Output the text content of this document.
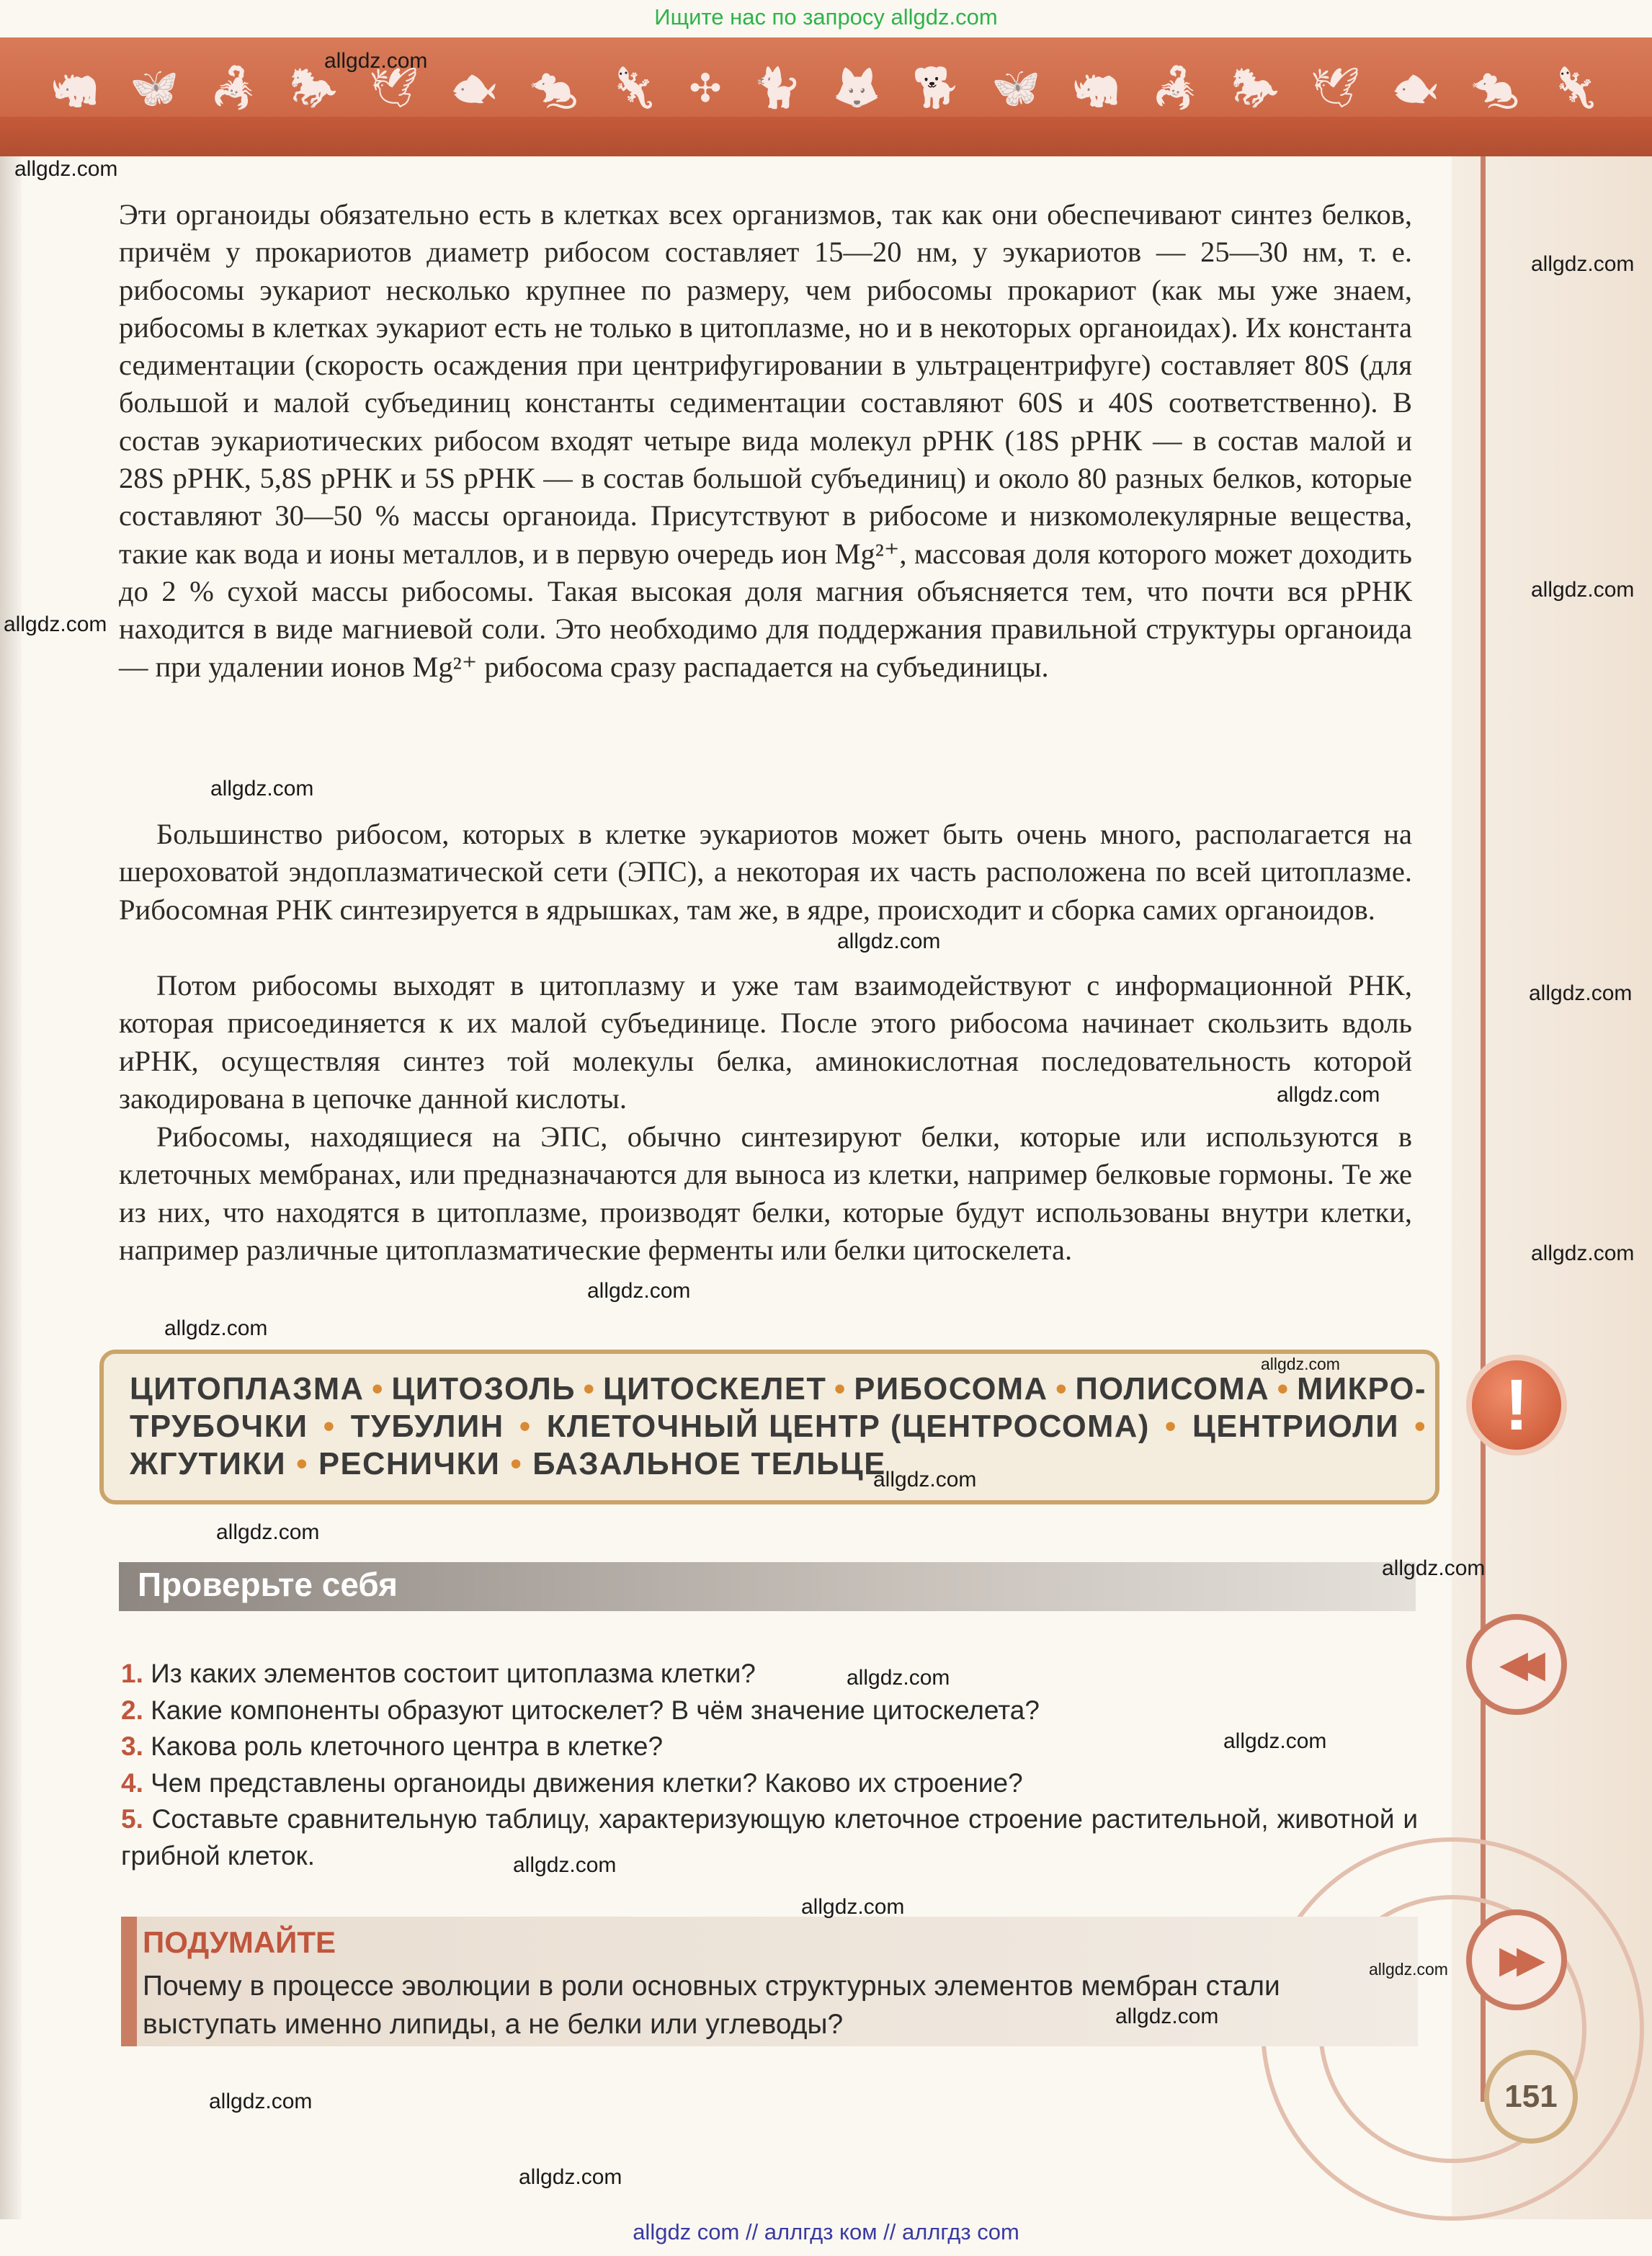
Ищите нас по запросу allgdz.com
🦏 🦋 🦂 🐎 🕊 🐟 🐀 🦎 ✣ 🐈 🦊 🐕 🦋 🦏 🦂 🐎 🕊 🐟 🐀 🦎

Эти органоиды обязательно есть в клетках всех организмов, так как они обеспечивают синтез белков, причём у прокариотов диаметр рибосом составляет 15—20 нм, у эукариотов — 25—30 нм, т. е. рибосомы эукариот несколько крупнее по размеру, чем рибосомы прокариот (как мы уже знаем, рибосомы в клетках эукариот есть не только в цитоплазме, но и в некоторых органоидах). Их константа седиментации (скорость осаждения при центрифугировании в ультрацентрифуге) составляет 80S (для большой и малой субъединиц константы седиментации составляют 60S и 40S соответственно). В состав эукариотических рибосом входят четыре вида молекул рРНК (18S рРНК — в состав малой и 28S рРНК, 5,8S рРНК и 5S рРНК — в состав большой субъединиц) и около 80 разных белков, которые составляют 30—50 % массы органоида. Присутствуют в рибосоме и низкомолекулярные вещества, такие как вода и ионы металлов, и в первую очередь ион Mg²⁺, массовая доля которого может доходить до 2 % сухой массы рибосомы. Такая высокая доля магния объясняется тем, что почти вся рРНК находится в виде магниевой соли. Это необходимо для поддержания правильной структуры органоида — при удалении ионов Mg²⁺ рибосома сразу распадается на субъединицы.

Большинство рибосом, которых в клетке эукариотов может быть очень много, располагается на шероховатой эндоплазматической сети (ЭПС), а некоторая их часть расположена по всей цитоплазме. Рибосомная РНК синтезируется в ядрышках, там же, в ядре, происходит и сборка самих органоидов.

Потом рибосомы выходят в цитоплазму и уже там взаимодействуют с информационной РНК, которая присоединяется к их малой субъединице. После этого рибосома начинает скользить вдоль иРНК, осуществляя синтез той молекулы белка, аминокислотная последовательность которой закодирована в цепочке данной кислоты.

Рибосомы, находящиеся на ЭПС, обычно синтезируют белки, которые или используются в клеточных мембранах, или предназначаются для выноса из клетки, например белковые гормоны. Те же из них, что находятся в цитоплазме, производят белки, которые будут использованы внутри клетки, например различные цитоплазматические ферменты или белки цитоскелета.

ЦИТОПЛАЗМА • ЦИТОЗОЛЬ • ЦИТОСКЕЛЕТ • РИБОСОМА • ПОЛИСОМА • МИКРО-
ТРУБОЧКИ • ТУБУЛИН • КЛЕТОЧНЫЙ ЦЕНТР (ЦЕНТРОСОМА) • ЦЕНТРИОЛИ •
ЖГУТИКИ • РЕСНИЧКИ • БАЗАЛЬНОЕ ТЕЛЬЦЕ
Проверьте себя
1. Из каких элементов состоит цитоплазма клетки?
2. Какие компоненты образуют цитоскелет? В чём значение цитоскелета?
3. Какова роль клеточного центра в клетке?
4. Чем представлены органоиды движения клетки? Каково их строение?
5. Составьте сравнительную таблицу, характеризующую клеточное строение растительной, животной и грибной клеток.
ПОДУМАЙТЕ
Почему в процессе эволюции в роли основных структурных элементов мембран стали выступать именно липиды, а не белки или углеводы?
!
◀◀
▶▶
151
allgdz.com
allgdz.com
allgdz.com
allgdz.com
allgdz.com
allgdz.com
allgdz.com
allgdz.com
allgdz.com
allgdz.com
allgdz.com
allgdz.com
allgdz.com
allgdz.com
allgdz.com
allgdz.com
allgdz.com
allgdz.com
allgdz.com
allgdz.com
allgdz.com
allgdz.com
allgdz.com
allgdz.com
allgdz com // аллгдз ком // аллгдз com
